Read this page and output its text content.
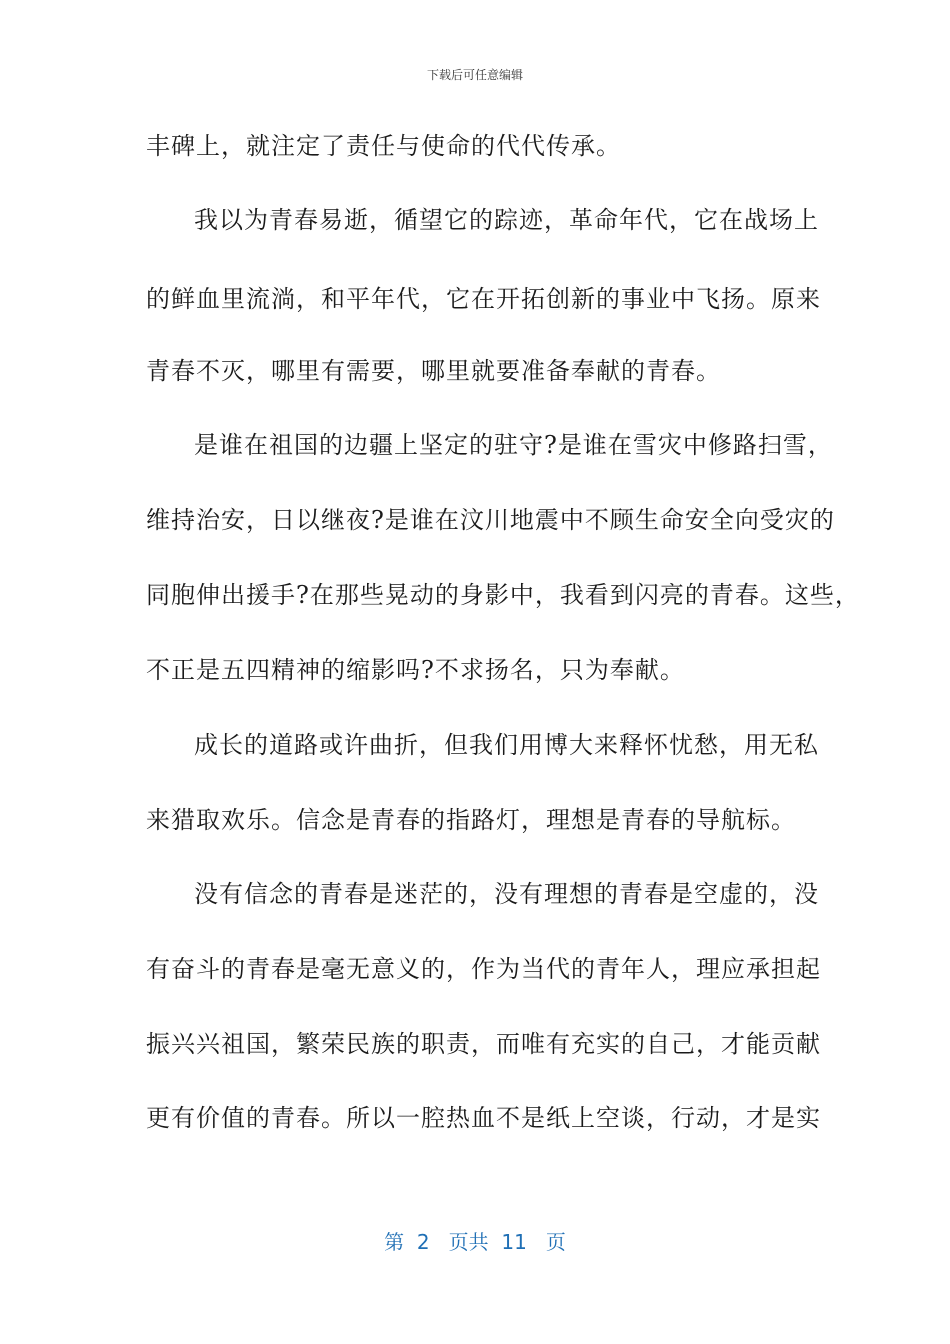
下载后可任意编辑
丰碑上，就注定了责任与使命的代代传承。
我以为青春易逝，循望它的踪迹，革命年代，它在战场上
的鲜血里流淌，和平年代，它在开拓创新的事业中飞扬。原来
青春不灭，哪里有需要，哪里就要准备奉献的青春。
是谁在祖国的边疆上坚定的驻守?是谁在雪灾中修路扫雪，
维持治安，日以继夜?是谁在汶川地震中不顾生命安全向受灾的
同胞伸出援手?在那些晃动的身影中，我看到闪亮的青春。这些，
不正是五四精神的缩影吗?不求扬名，只为奉献。
成长的道路或许曲折，但我们用博大来释怀忧愁，用无私
来猎取欢乐。信念是青春的指路灯，理想是青春的导航标。
没有信念的青春是迷茫的，没有理想的青春是空虚的，没
有奋斗的青春是毫无意义的，作为当代的青年人，理应承担起
振兴兴祖国，繁荣民族的职责，而唯有充实的自己，才能贡献
更有价值的青春。所以一腔热血不是纸上空谈，行动，才是实
第  2   页共  11   页
